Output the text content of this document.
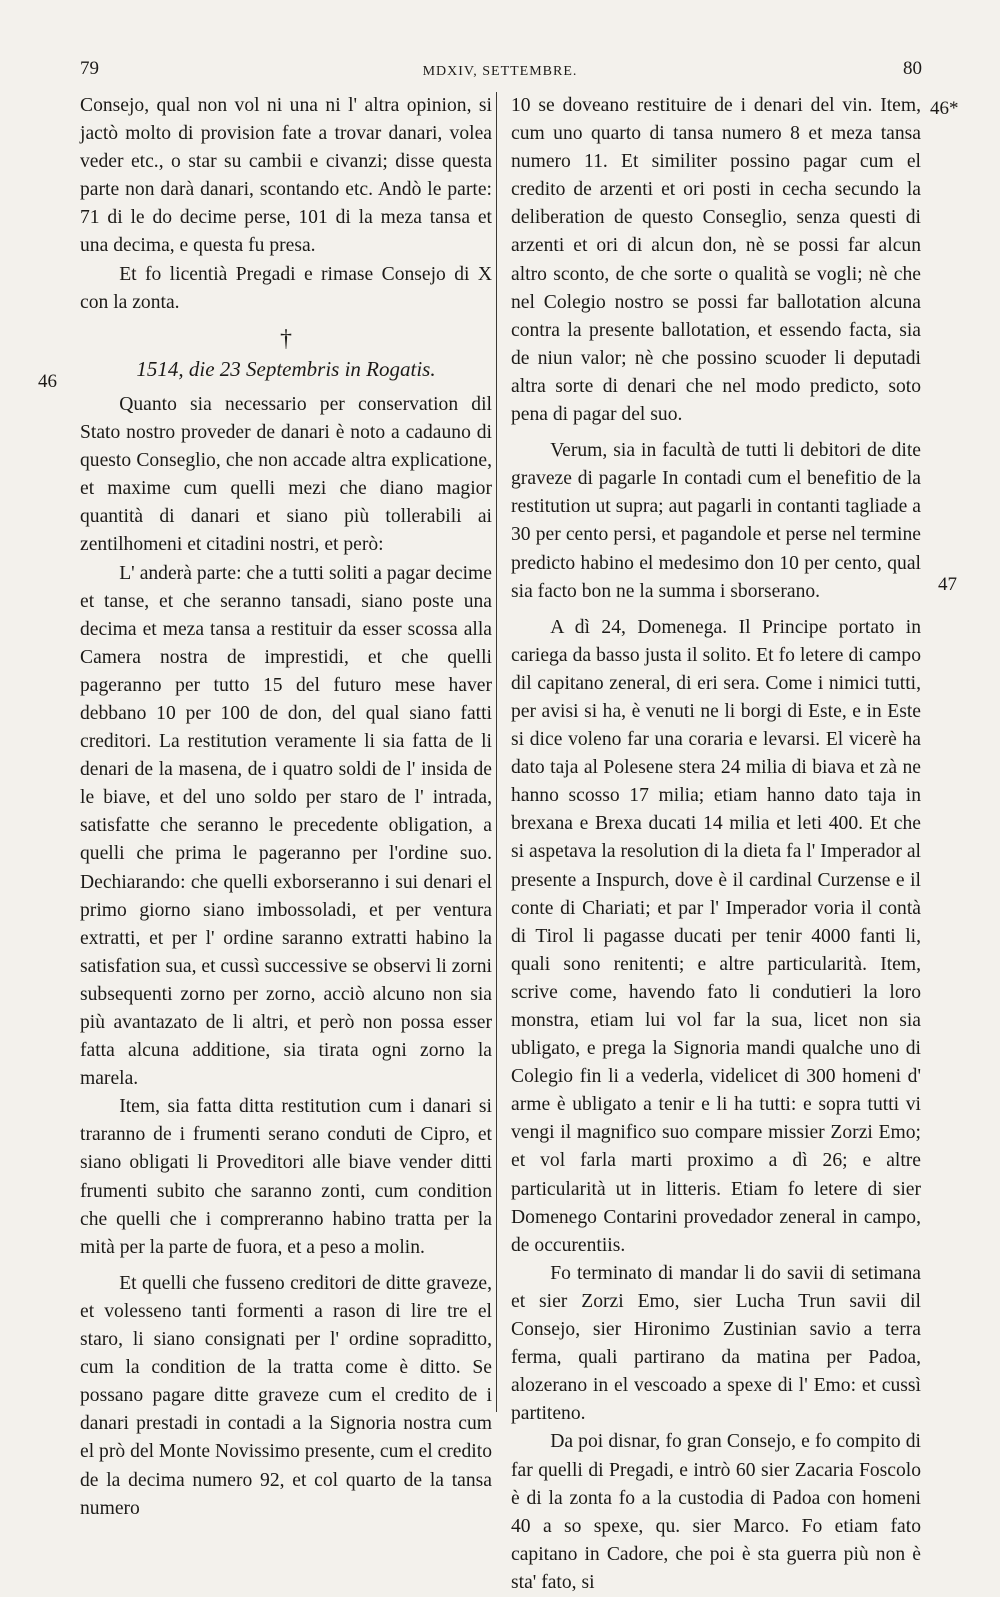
79	MDXIV, SETTEMBRE.	80
46
46*
47

Consejo, qual non vol ni una ni l' altra opinion, si jactò molto di provision fate a trovar danari, volea veder etc., o star su cambii e civanzi; disse questa parte non darà danari, scontando etc. Andò le parte: 71 di le do decime perse, 101 di la meza tansa et una decima, e questa fu presa.

Et fo licentià Pregadi e rimase Consejo di X con la zonta.

†

1514, die 23 Septembris in Rogatis.

Quanto sia necessario per conservation dil Stato nostro proveder de danari è noto a cadauno di questo Conseglio, che non accade altra explicatione, et maxime cum quelli mezi che diano magior quantità di danari et siano più tollerabili ai zentilhomeni et citadini nostri, et però:

L' anderà parte: che a tutti soliti a pagar decime et tanse, et che seranno tansadi, siano poste una decima et meza tansa a restituir da esser scossa alla Camera nostra de imprestidi, et che quelli pageranno per tutto 15 del futuro mese haver debbano 10 per 100 de don, del qual siano fatti creditori. La restitution veramente li sia fatta de li denari de la masena, de i quatro soldi de l' insida de le biave, et del uno soldo per staro de l' intrada, satisfatte che seranno le precedente obligation, a quelli che prima le pageranno per l'ordine suo. Dechiarando: che quelli exborseranno i sui denari el primo giorno siano imbossoladi, et per ventura extratti, et per l' ordine saranno extratti habino la satisfation sua, et cussì successive se observi li zorni subsequenti zorno per zorno, acciò alcuno non sia più avantazato de li altri, et però non possa esser fatta alcuna additione, sia tirata ogni zorno la marela.

Item, sia fatta ditta restitution cum i danari si traranno de i frumenti serano conduti de Cipro, et siano obligati li Proveditori alle biave vender ditti frumenti subito che saranno zonti, cum condition che quelli che i compreranno habino tratta per la mità per la parte de fuora, et a peso a molin.

Et quelli che fusseno creditori de ditte graveze, et volesseno tanti formenti a rason di lire tre el staro, li siano consignati per l' ordine sopraditto, cum la condition de la tratta come è ditto. Se possano pagare ditte graveze cum el credito de i danari prestadi in contadi a la Signoria nostra cum el prò del Monte Novissimo presente, cum el credito de la decima numero 92, et col quarto de la tansa numero

10 se doveano restituire de i denari del vin. Item, cum uno quarto di tansa numero 8 et meza tansa numero 11. Et similiter possino pagar cum el credito de arzenti et ori posti in cecha secundo la deliberation de questo Conseglio, senza questi di arzenti et ori di alcun don, nè se possi far alcun altro sconto, de che sorte o qualità se vogli; nè che nel Colegio nostro se possi far ballotation alcuna contra la presente ballotation, et essendo facta, sia de niun valor; nè che possino scuoder li deputadi altra sorte di denari che nel modo predicto, soto pena di pagar del suo.

Verum, sia in facultà de tutti li debitori de dite graveze di pagarle In contadi cum el benefitio de la restitution ut supra; aut pagarli in contanti tagliade a 30 per cento persi, et pagandole et perse nel termine predicto habino el medesimo don 10 per cento, qual sia facto bon ne la summa i sborserano.

A dì 24, Domenega. Il Principe portato in cariega da basso justa il solito. Et fo letere di campo dil capitano zeneral, di eri sera. Come i nimici tutti, per avisi si ha, è venuti ne li borgi di Este, e in Este si dice voleno far una coraria e levarsi. El vicerè ha dato taja al Polesene stera 24 milia di biava et zà ne hanno scosso 17 milia; etiam hanno dato taja in brexana e Brexa ducati 14 milia et leti 400. Et che si aspetava la resolution di la dieta fa l' Imperador al presente a Inspurch, dove è il cardinal Curzense e il conte di Chariati; et par l' Imperador voria il contà di Tirol li pagasse ducati per tenir 4000 fanti li, quali sono renitenti; e altre particularità. Item, scrive come, havendo fato li condutieri la loro monstra, etiam lui vol far la sua, licet non sia ubligato, e prega la Signoria mandi qualche uno di Colegio fin li a vederla, videlicet di 300 homeni d' arme è ubligato a tenir e li ha tutti: e sopra tutti vi vengi il magnifico suo compare missier Zorzi Emo; et vol farla marti proximo a dì 26; e altre particularità ut in litteris. Etiam fo letere di sier Domenego Contarini provedador zeneral in campo, de occurentiis.

Fo terminato di mandar li do savii di setimana et sier Zorzi Emo, sier Lucha Trun savii dil Consejo, sier Hironimo Zustinian savio a terra ferma, quali partirano da matina per Padoa, alozerano in el vescoado a spexe di l' Emo: et cussì partiteno.

Da poi disnar, fo gran Consejo, e fo compito di far quelli di Pregadi, e intrò 60 sier Zacaria Foscolo è di la zonta fo a la custodia di Padoa con homeni 40 a so spexe, qu. sier Marco. Fo etiam fato capitano in Cadore, che poi è sta guerra più non è sta' fato, si
